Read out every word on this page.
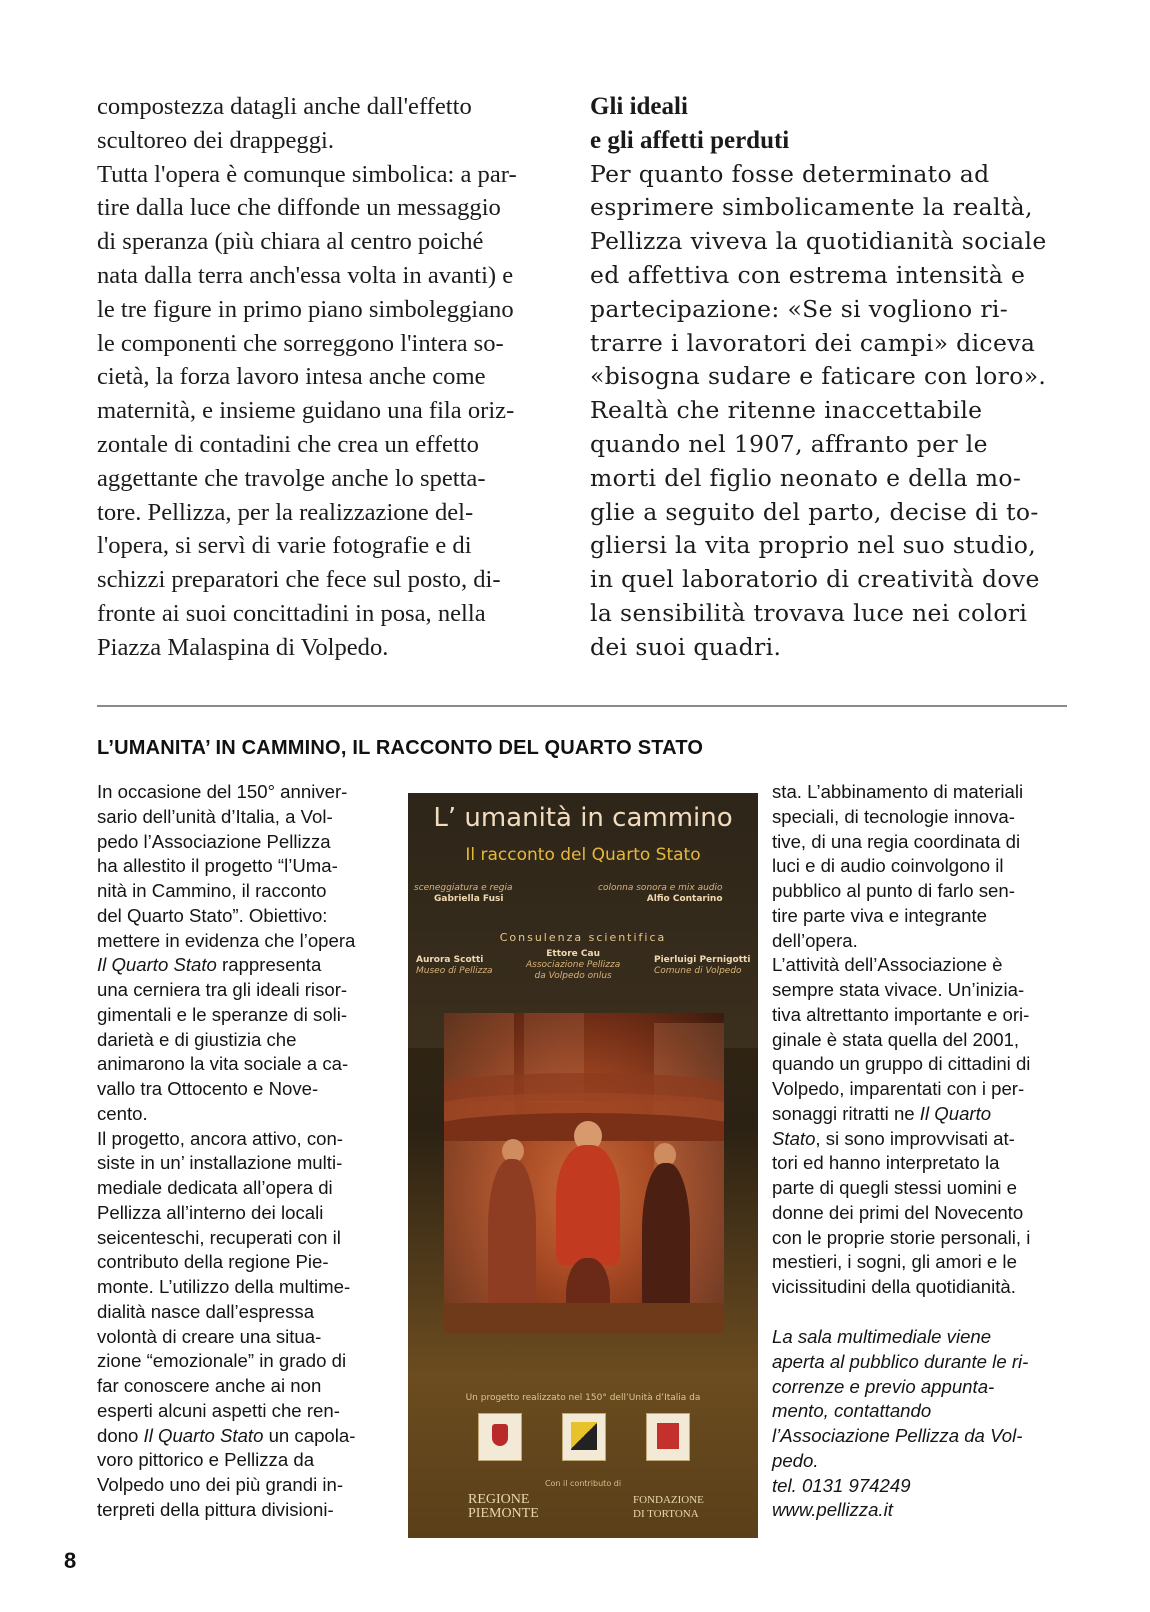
compostezza datagli anche dall'effetto
scultoreo dei drappeggi.
Tutta l'opera è comunque simbolica: a par-
tire dalla luce che diffonde un messaggio
di speranza (più chiara al centro poiché
nata dalla terra anch'essa volta in avanti) e
le tre figure in primo piano simboleggiano
le componenti che sorreggono l'intera so-
cietà, la forza lavoro intesa anche come
maternità, e insieme guidano una fila oriz-
zontale di contadini che crea un effetto
aggettante che travolge anche lo spetta-
tore. Pellizza, per la realizzazione del-
l'opera, si servì di varie fotografie e di
schizzi preparatori che fece sul posto, di-
fronte ai suoi concittadini in posa, nella
Piazza Malaspina di Volpedo.
Gli ideali
e gli affetti perduti
Per quanto fosse determinato ad
esprimere simbolicamente la realtà,
Pellizza viveva la quotidianità sociale
ed affettiva con estrema intensità e
partecipazione: «Se si vogliono ri-
trarre i lavoratori dei campi» diceva
«bisogna sudare e faticare con loro».
Realtà che ritenne inaccettabile
quando nel 1907, affranto per le
morti del figlio neonato e della mo-
glie a seguito del parto, decise di to-
gliersi la vita proprio nel suo studio,
in quel laboratorio di creatività dove
la sensibilità trovava luce nei colori
dei suoi quadri.
L’UMANITA’ IN CAMMINO, IL RACCONTO DEL QUARTO STATO
In occasione del 150° anniver-
sario dell’unità d’Italia, a Vol-
pedo l’Associazione Pellizza
ha allestito il progetto “l’Uma-
nità in Cammino, il racconto
del Quarto Stato”. Obiettivo:
mettere in evidenza che l’opera
Il Quarto Stato rappresenta
una cerniera tra gli ideali risor-
gimentali e le speranze di soli-
darietà e di giustizia che
animarono la vita sociale a ca-
vallo tra Ottocento e Nove-
cento.
Il progetto, ancora attivo, con-
siste in un’ installazione multi-
mediale dedicata all’opera di
Pellizza all’interno dei locali
seicenteschi, recuperati con il
contributo della regione Pie-
monte. L’utilizzo della multime-
dialità nasce dall’espressa
volontà di creare una situa-
zione “emozionale” in grado di
far conoscere anche ai non
esperti alcuni aspetti che ren-
dono Il Quarto Stato un capola-
voro pittorico e Pellizza da
Volpedo uno dei più grandi in-
terpreti della pittura divisioni-
L’ umanità in cammino
Il racconto del Quarto Stato
sceneggiatura e regia
Gabriella Fusi
colonna sonora e mix audio
Alfio Contarino
Consulenza scientifica
Aurora Scotti
Museo di Pellizza
Ettore Cau
Associazione Pellizza
da Volpedo onlus
Pierluigi Pernigotti
Comune di Volpedo
Un progetto realizzato nel 150° dell’Unità d’Italia da
Con il contributo di
REGIONE
PIEMONTE
FONDAZIONE
DI TORTONA
sta. L’abbinamento di materiali
speciali, di tecnologie innova-
tive, di una regia coordinata di
luci e di audio coinvolgono il
pubblico al punto di farlo sen-
tire parte viva e integrante
dell’opera.
L’attività dell’Associazione è
sempre stata vivace. Un’inizia-
tiva altrettanto importante e ori-
ginale è stata quella del 2001,
quando un gruppo di cittadini di
Volpedo, imparentati con i per-
sonaggi ritratti ne Il Quarto
Stato, si sono improvvisati at-
tori ed hanno interpretato la
parte di quegli stessi uomini e
donne dei primi del Novecento
con le proprie storie personali, i
mestieri, i sogni, gli amori e le
vicissitudini della quotidianità.
La sala multimediale viene
aperta al pubblico durante le ri-
correnze e previo appunta-
mento, contattando
l’Associazione Pellizza da Vol-
pedo.
tel. 0131 974249
www.pellizza.it
8
